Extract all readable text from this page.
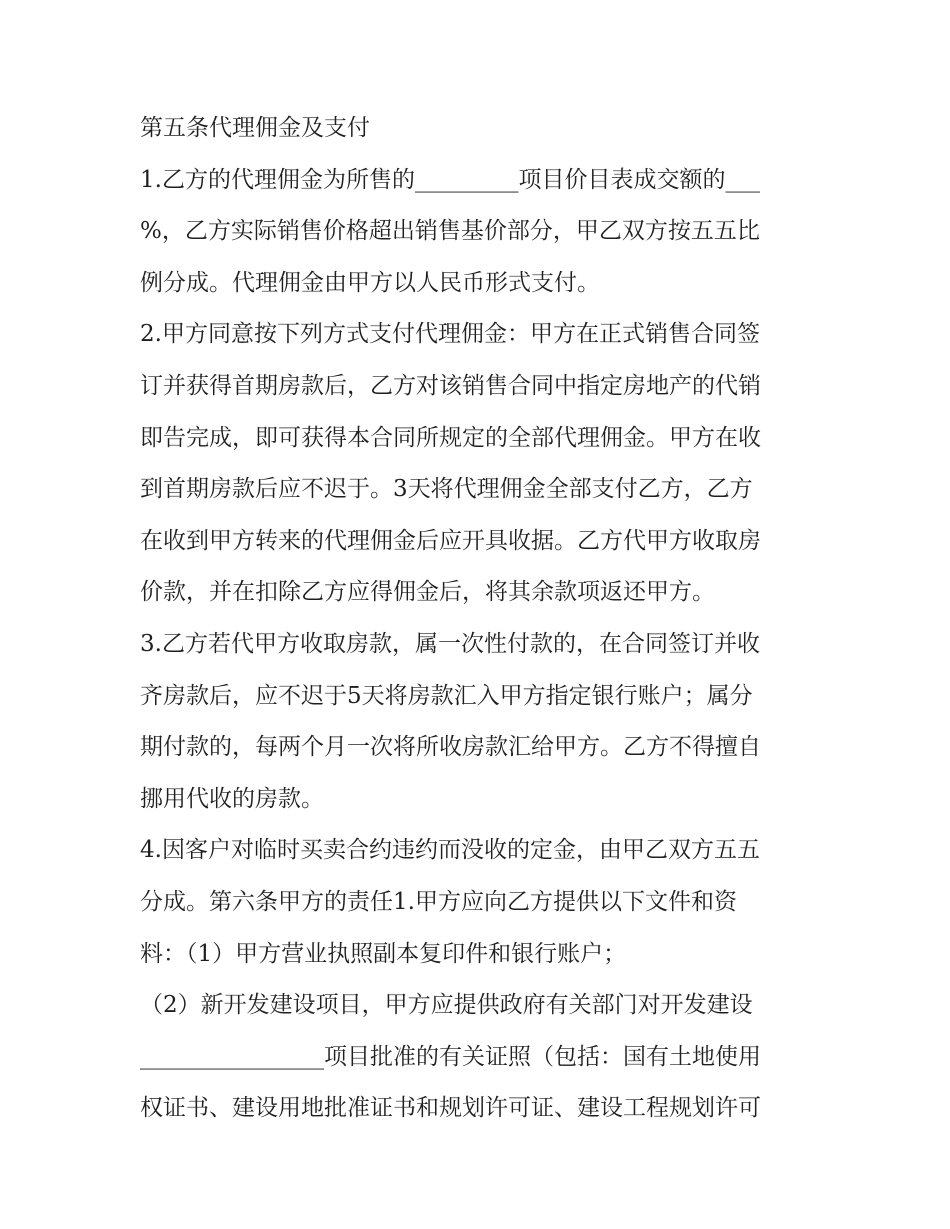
第五条代理佣金及支付
1.乙方的代理佣金为所售的_________项目价目表成交额的___
%，乙方实际销售价格超出销售基价部分，甲乙双方按五五比
例分成。代理佣金由甲方以人民币形式支付。
2.甲方同意按下列方式支付代理佣金：甲方在正式销售合同签
订并获得首期房款后，乙方对该销售合同中指定房地产的代销
即告完成，即可获得本合同所规定的全部代理佣金。甲方在收
到首期房款后应不迟于。3天将代理佣金全部支付乙方，乙方
在收到甲方转来的代理佣金后应开具收据。乙方代甲方收取房
价款，并在扣除乙方应得佣金后，将其余款项返还甲方。
3.乙方若代甲方收取房款，属一次性付款的，在合同签订并收
齐房款后，应不迟于5天将房款汇入甲方指定银行账户；属分
期付款的，每两个月一次将所收房款汇给甲方。乙方不得擅自
挪用代收的房款。
4.因客户对临时买卖合约违约而没收的定金，由甲乙双方五五
分成。第六条甲方的责任1.甲方应向乙方提供以下文件和资
料：（1）甲方营业执照副本复印件和银行账户；
（2）新开发建设项目，甲方应提供政府有关部门对开发建设
________________项目批准的有关证照（包括：国有土地使用
权证书、建设用地批准证书和规划许可证、建设工程规划许可
